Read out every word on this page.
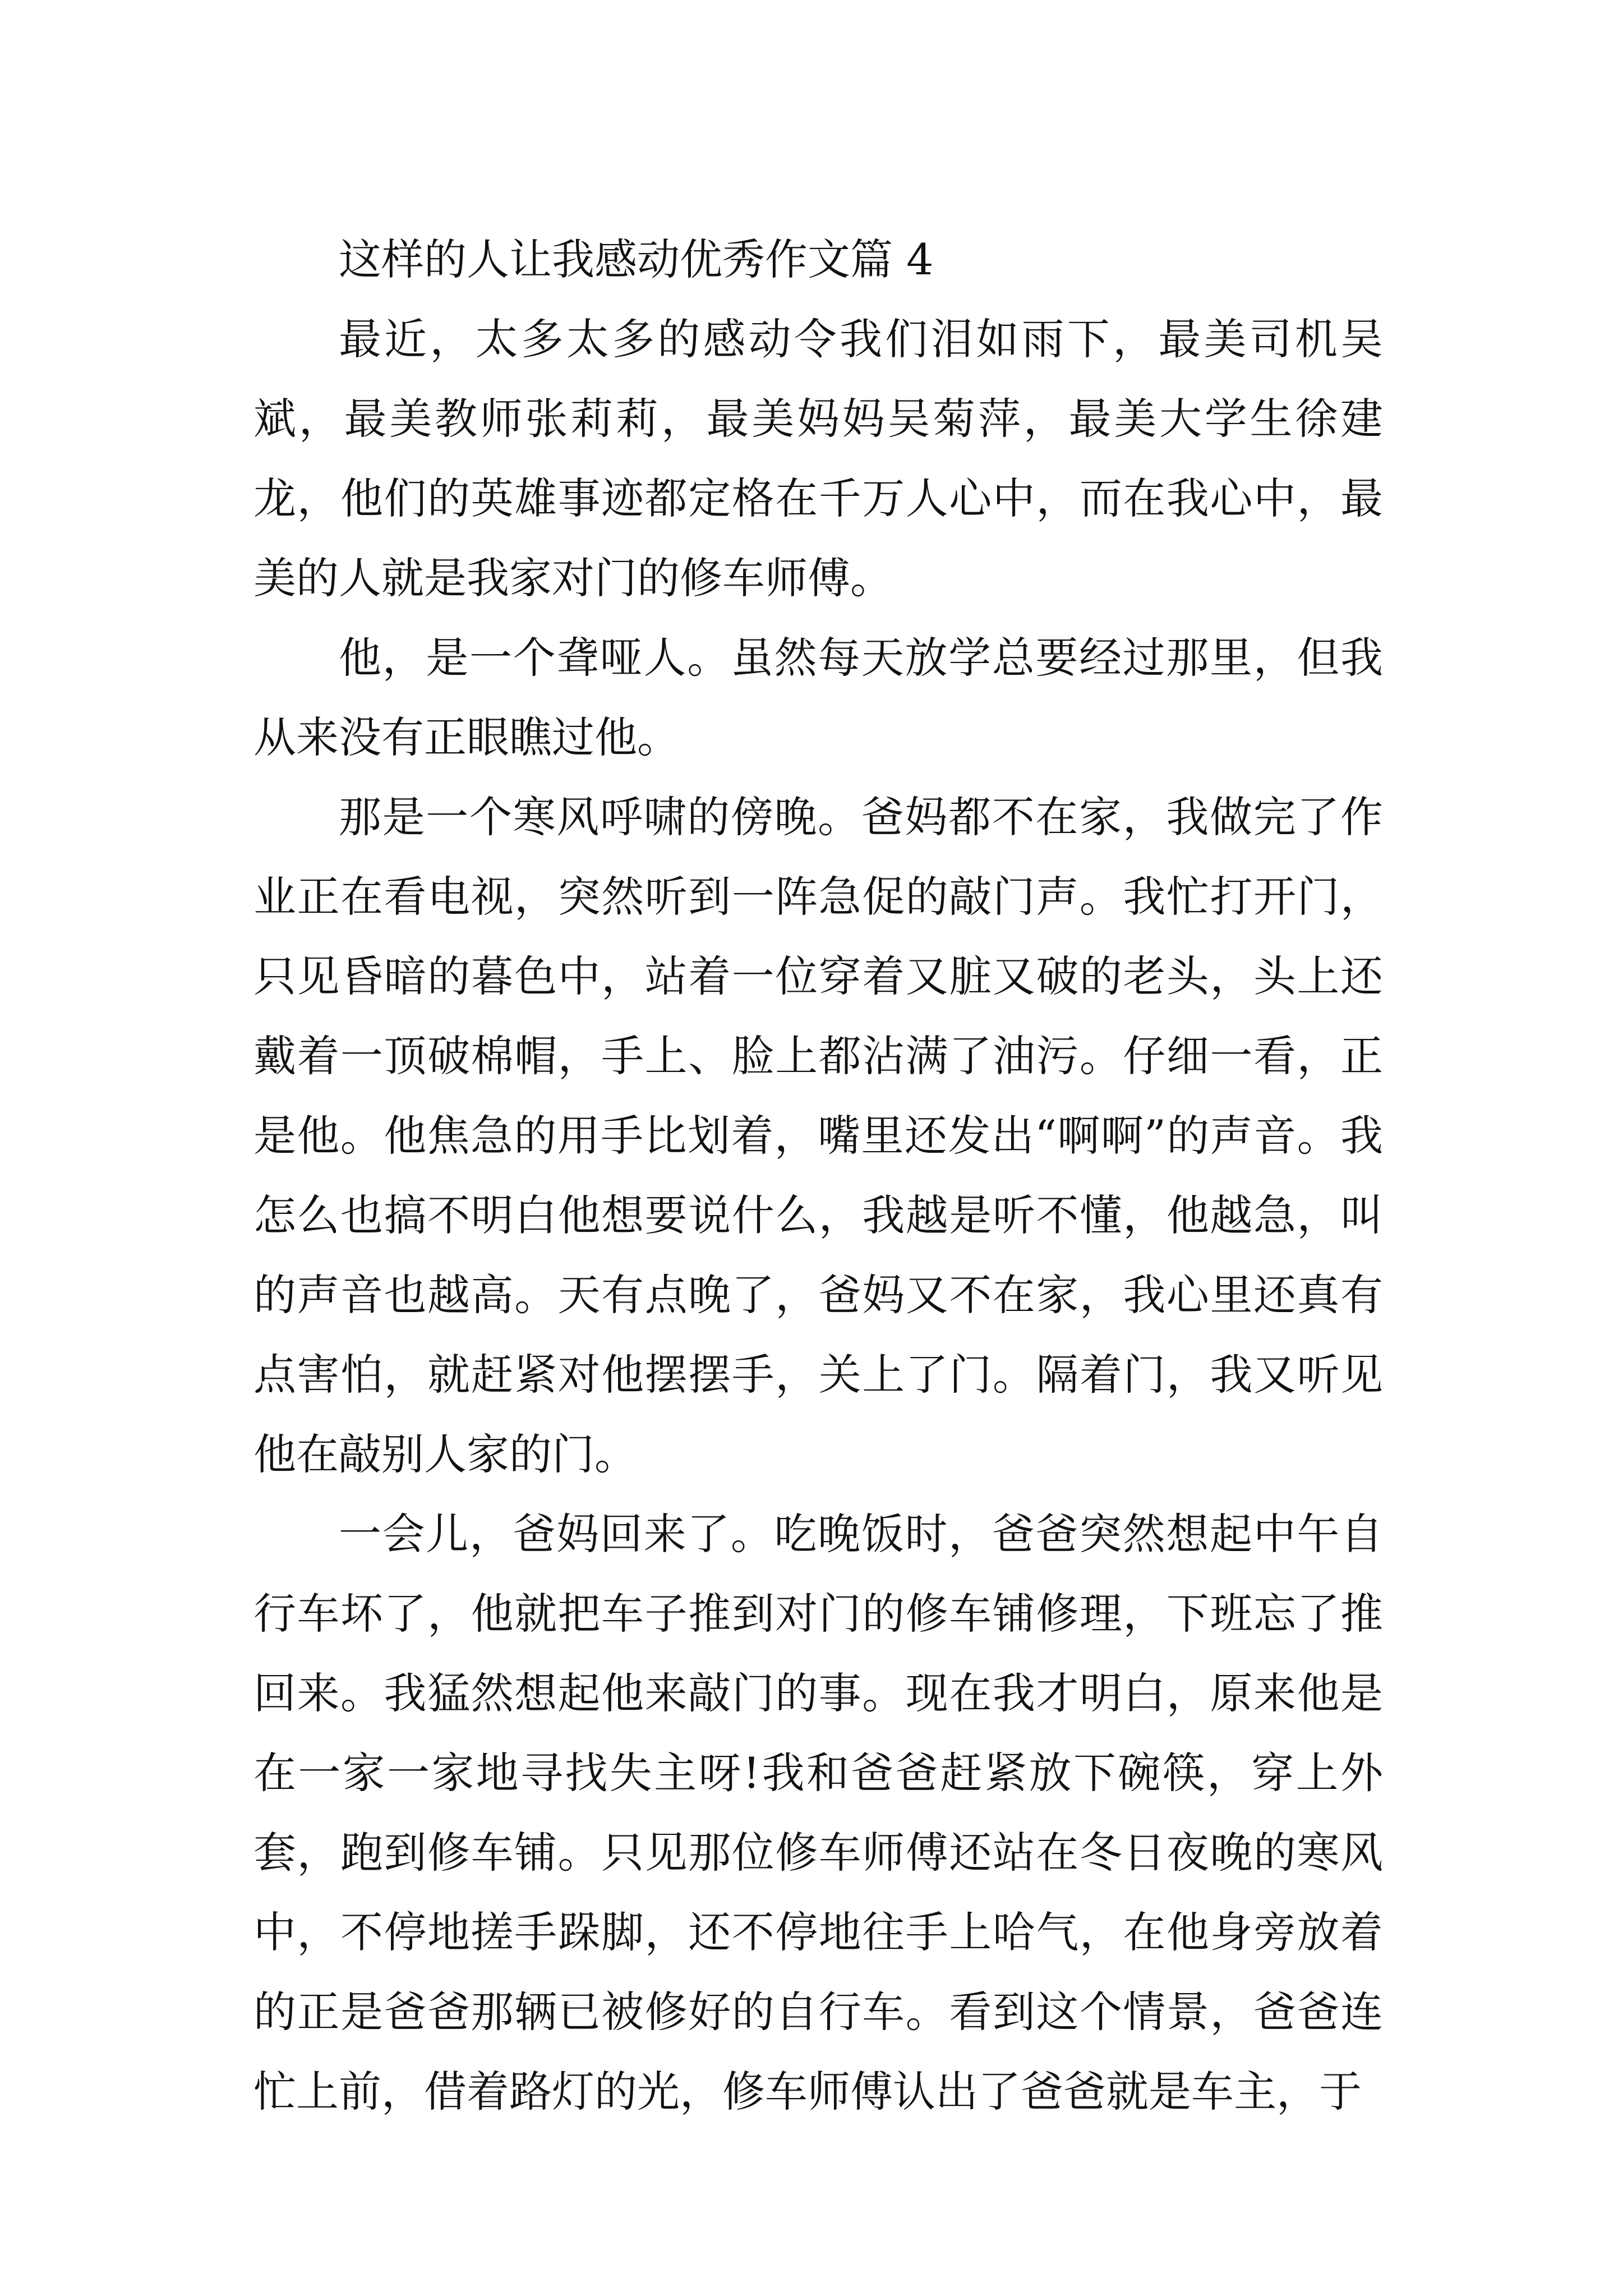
这样的人让我感动优秀作文篇 4

最近，太多太多的感动令我们泪如雨下，最美司机吴斌，最美教师张莉莉，最美妈妈吴菊萍，最美大学生徐建龙，他们的英雄事迹都定格在千万人心中，而在我心中，最美的人就是我家对门的修车师傅。

他，是一个聋哑人。虽然每天放学总要经过那里，但我从来没有正眼瞧过他。

那是一个寒风呼啸的傍晚。爸妈都不在家，我做完了作业正在看电视，突然听到一阵急促的敲门声。我忙打开门，只见昏暗的暮色中，站着一位穿着又脏又破的老头，头上还戴着一顶破棉帽，手上、脸上都沾满了油污。仔细一看，正是他。他焦急的用手比划着，嘴里还发出“啊啊”的声音。我怎么也搞不明白他想要说什么，我越是听不懂，他越急，叫的声音也越高。天有点晚了，爸妈又不在家，我心里还真有点害怕，就赶紧对他摆摆手，关上了门。隔着门，我又听见他在敲别人家的门。

一会儿，爸妈回来了。吃晚饭时，爸爸突然想起中午自行车坏了，他就把车子推到对门的修车铺修理，下班忘了推回来。我猛然想起他来敲门的事。现在我才明白，原来他是在一家一家地寻找失主呀!我和爸爸赶紧放下碗筷，穿上外套，跑到修车铺。只见那位修车师傅还站在冬日夜晚的寒风中，不停地搓手跺脚，还不停地往手上哈气，在他身旁放着的正是爸爸那辆已被修好的自行车。看到这个情景，爸爸连忙上前，借着路灯的光，修车师傅认出了爸爸就是车主，于
